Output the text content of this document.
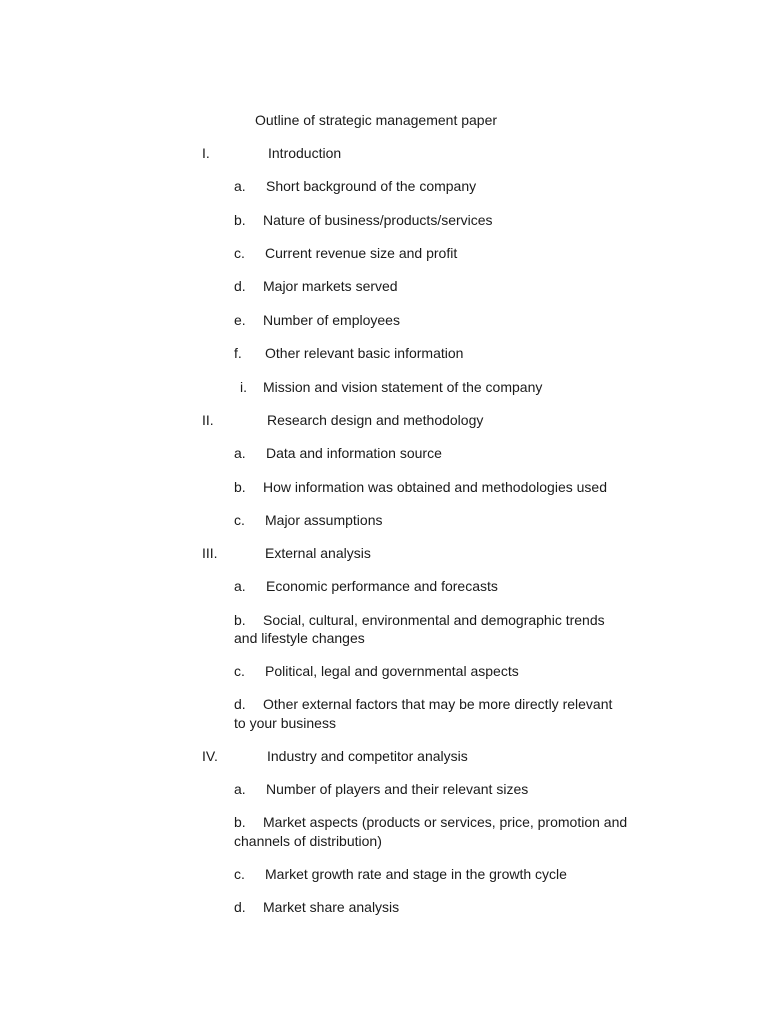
Outline of strategic management paper
I.	Introduction
a. Short background of the company
b. Nature of business/products/services
c. Current revenue size and profit
d. Major markets served
e. Number of employees
f. Other relevant basic information
i. Mission and vision statement of the company
II.	Research design and methodology
a. Data and information source
b. How information was obtained and methodologies used
c. Major assumptions
III.	External analysis
a. Economic performance and forecasts
b. Social, cultural, environmental and demographic trends
and lifestyle changes
c. Political, legal and governmental aspects
d. Other external factors that may be more directly relevant
to your business
IV.	Industry and competitor analysis
a. Number of players and their relevant sizes
b. Market aspects (products or services, price, promotion and
channels of distribution)
c. Market growth rate and stage in the growth cycle
d. Market share analysis
